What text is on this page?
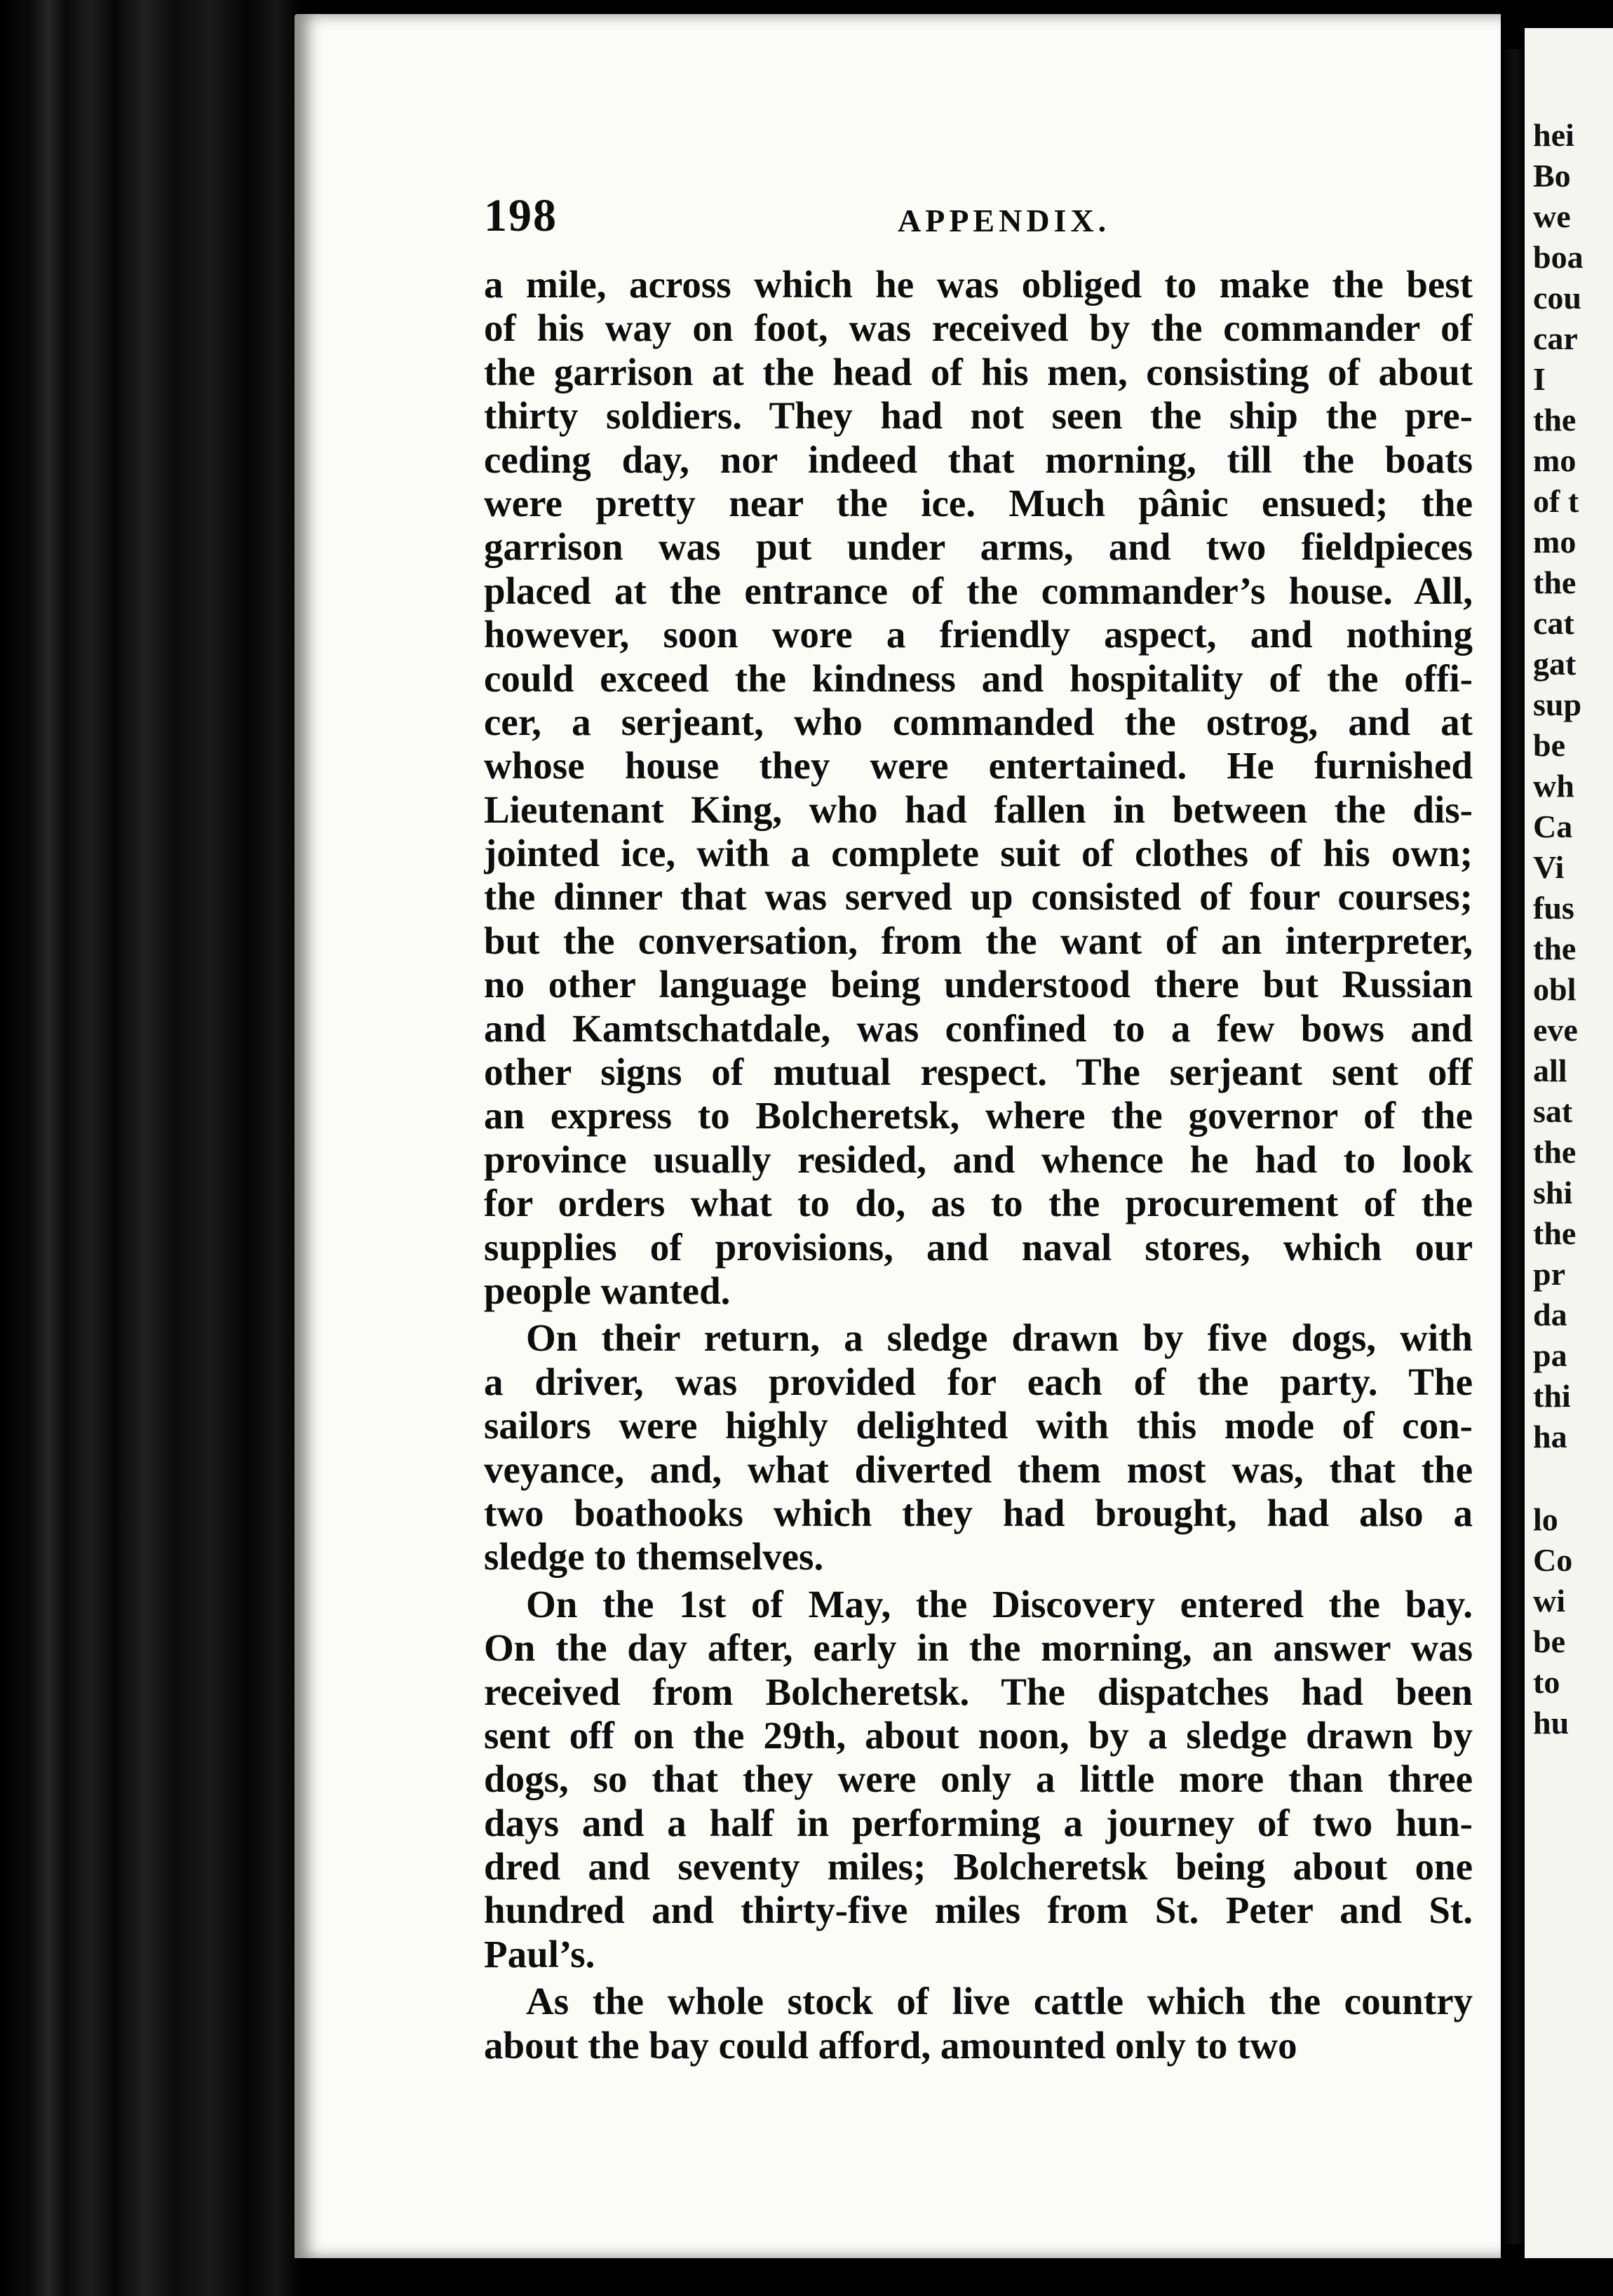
hei
Bo
we
boa
cou
car
I
the
mo
of t
mo
the
cat
gat
sup
be
wh
Ca
Vi
fus
the
obl
eve
all
sat
the
shi
the
pr
da
pa
thi
ha
lo
Co
wi
be
to
hu
198	APPENDIX.
a mile, across which he was obliged to make the best
of his way on foot, was received by the commander of
the garrison at the head of his men, consisting of about
thirty soldiers. They had not seen the ship the pre-
ceding day, nor indeed that morning, till the boats
were pretty near the ice. Much pânic ensued; the
garrison was put under arms, and two fieldpieces
placed at the entrance of the commander’s house. All,
however, soon wore a friendly aspect, and nothing
could exceed the kindness and hospitality of the offi-
cer, a serjeant, who commanded the ostrog, and at
whose house they were entertained. He furnished
Lieutenant King, who had fallen in between the dis-
jointed ice, with a complete suit of clothes of his own;
the dinner that was served up consisted of four courses;
but the conversation, from the want of an interpreter,
no other language being understood there but Russian
and Kamtschatdale, was confined to a few bows and
other signs of mutual respect. The serjeant sent off
an express to Bolcheretsk, where the governor of the
province usually resided, and whence he had to look
for orders what to do, as to the procurement of the
supplies of provisions, and naval stores, which our
people wanted.
On their return, a sledge drawn by five dogs, with
a driver, was provided for each of the party. The
sailors were highly delighted with this mode of con-
veyance, and, what diverted them most was, that the
two boathooks which they had brought, had also a
sledge to themselves.
On the 1st of May, the Discovery entered the bay.
On the day after, early in the morning, an answer was
received from Bolcheretsk. The dispatches had been
sent off on the 29th, about noon, by a sledge drawn by
dogs, so that they were only a little more than three
days and a half in performing a journey of two hun-
dred and seventy miles; Bolcheretsk being about one
hundred and thirty-five miles from St. Peter and St.
Paul’s.
As the whole stock of live cattle which the country
about the bay could afford, amounted only to two
